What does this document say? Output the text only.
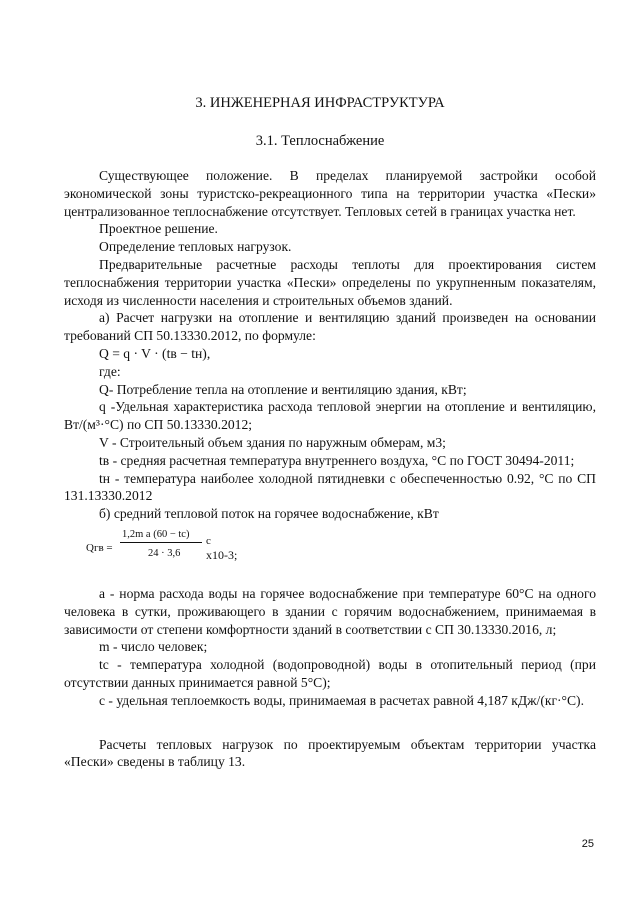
3. ИНЖЕНЕРНАЯ ИНФРАСТРУКТУРА
3.1. Теплоснабжение

Существующее положение. В пределах планируемой застройки особой экономической зоны туристско-рекреационного типа на территории участка «Пески» централизованное теплоснабжение отсутствует. Тепловых сетей в границах участка нет.

Проектное решение.

Определение тепловых нагрузок.

Предварительные расчетные расходы теплоты для проектирования систем теплоснабжения территории участка «Пески» определены по укрупненным показателям, исходя из численности населения и строительных объемов зданий.

а) Расчет нагрузки на отопление и вентиляцию зданий произведен на основании требований СП 50.13330.2012, по формуле:

Q = q · V · (tв − tн),

где:

Q- Потребление тепла на отопление и вентиляцию здания, кВт;

q -Удельная характеристика расхода тепловой энергии на отопление и вентиляцию, Вт/(м³·°С) по СП 50.13330.2012;

V - Строительный объем здания по наружным обмерам, м3;

tв - средняя расчетная температура внутреннего воздуха, °С по ГОСТ 30494-2011;

tн - температура наиболее холодной пятидневки с обеспеченностью 0.92, °С по СП 131.13330.2012

б) средний тепловой поток на горячее водоснабжение, кВт

Qгв =
1,2m a (60 − tс)
24 · 3,6
c
x10-3;

a - норма расхода воды на горячее водоснабжение при температуре 60°С на одного человека в сутки, проживающего в здании с горячим водоснабжением, принимаемая в зависимости от степени комфортности зданий в соответствии с СП 30.13330.2016, л;

m - число человек;

tc - температура холодной (водопроводной) воды в отопительный период (при отсутствии данных принимается равной 5°С);

c - удельная теплоемкость воды, принимаемая в расчетах равной 4,187 кДж/(кг·°С).

Расчеты тепловых нагрузок по проектируемым объектам территории участка «Пески» сведены в таблицу 13.

25
